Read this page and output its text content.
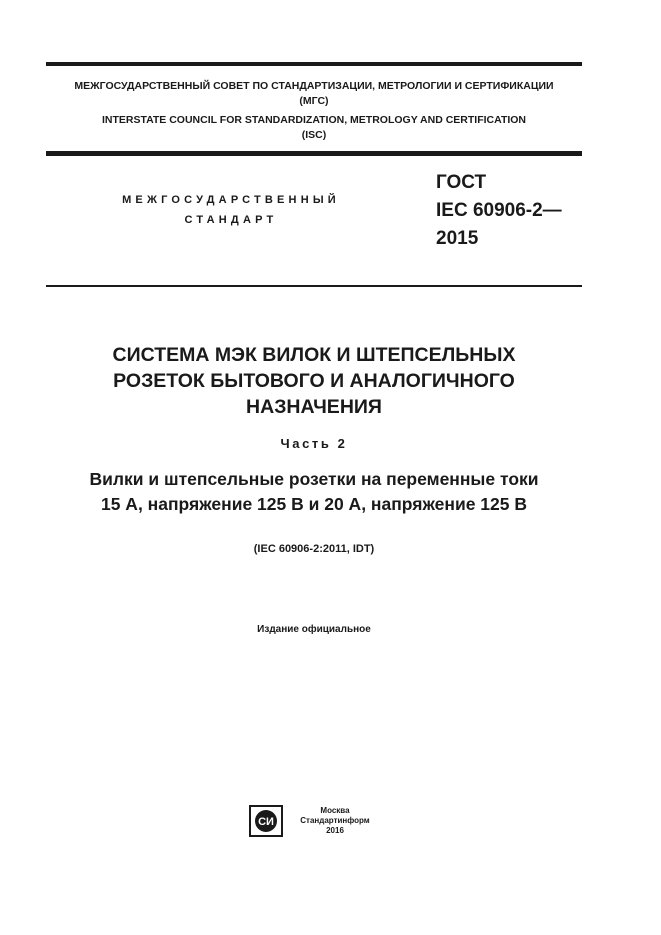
МЕЖГОСУДАРСТВЕННЫЙ СОВЕТ ПО СТАНДАРТИЗАЦИИ, МЕТРОЛОГИИ И СЕРТИФИКАЦИИ
(МГС)
INTERSTATE COUNCIL FOR STANDARDIZATION, METROLOGY AND CERTIFICATION
(ISC)
МЕЖГОСУДАРСТВЕННЫЙ
СТАНДАРТ
ГОСТ
IEC 60906-2—
2015
СИСТЕМА МЭК ВИЛОК И ШТЕПСЕЛЬНЫХ
РОЗЕТОК БЫТОВОГО И АНАЛОГИЧНОГО
НАЗНАЧЕНИЯ
Часть 2
Вилки и штепсельные розетки на переменные токи
15 А, напряжение 125 В и 20 А, напряжение 125 В
(IEC 60906-2:2011, IDT)
Издание официальное
СИ
Москва
Стандартинформ
2016
